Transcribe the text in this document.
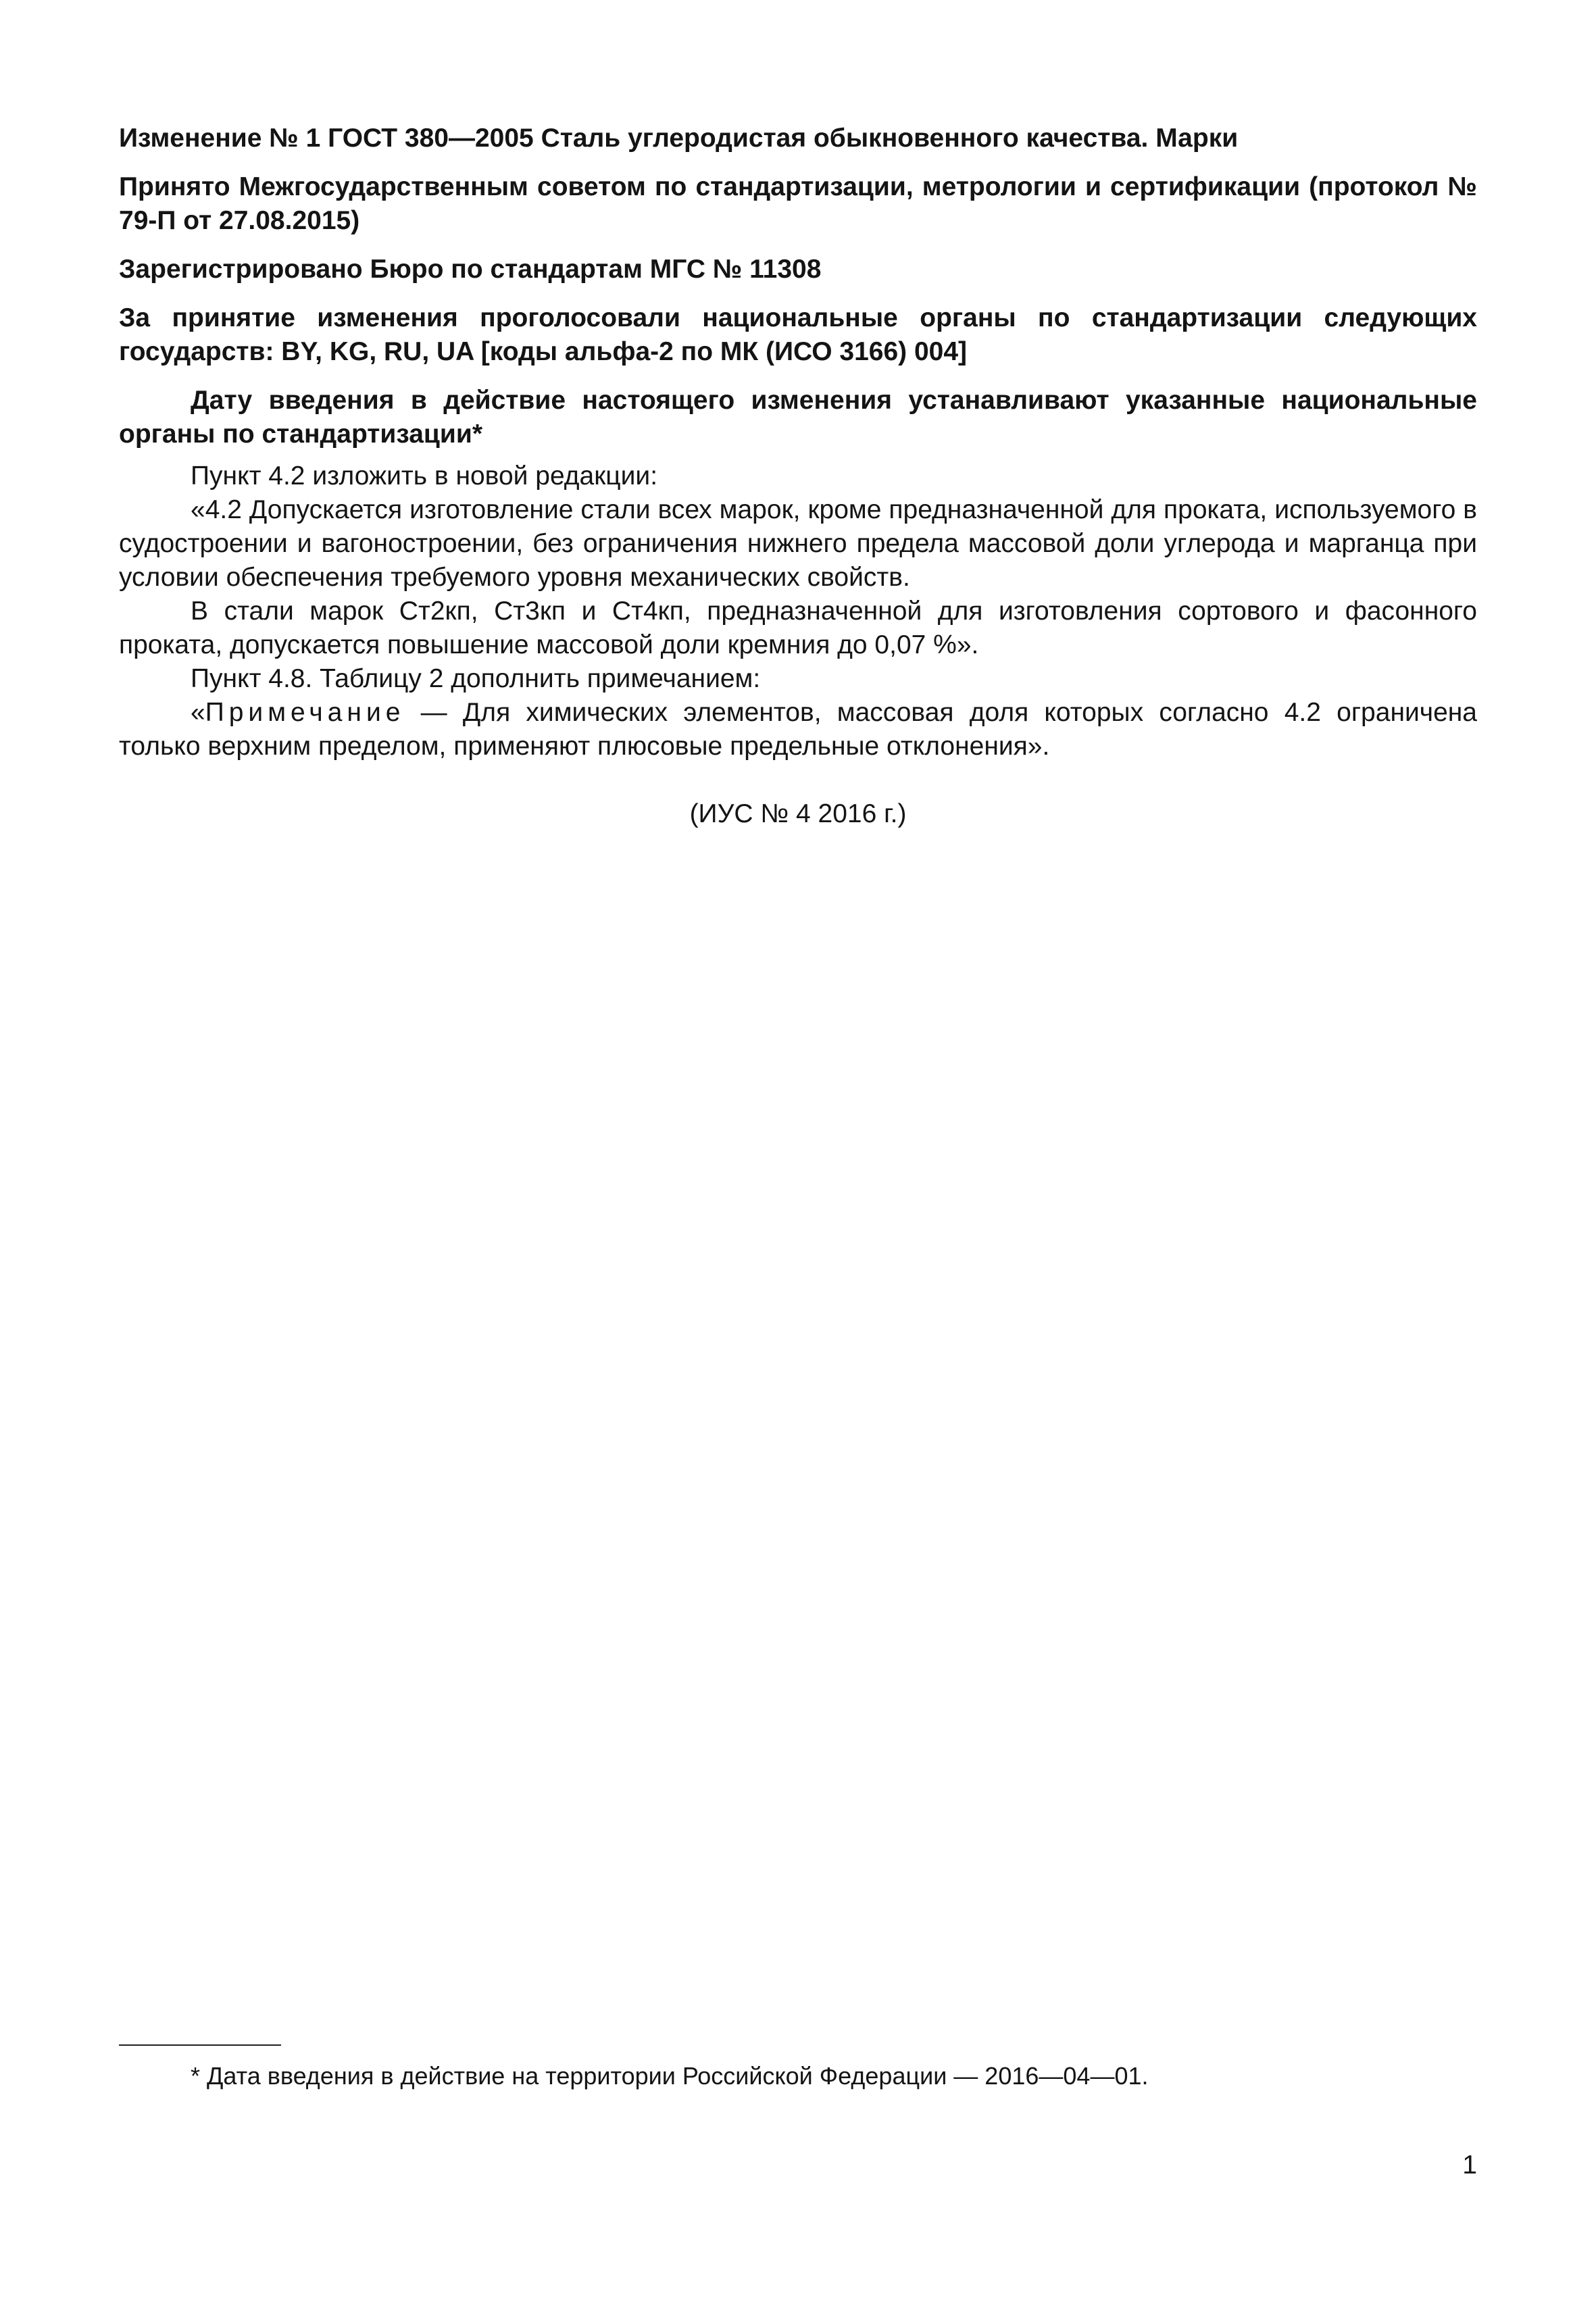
Изменение № 1 ГОСТ 380—2005 Сталь углеродистая обыкновенного качества. Марки

Принято Межгосударственным советом по стандартизации, метрологии и сертификации (протокол № 79-П от 27.08.2015)

Зарегистрировано Бюро по стандартам МГС № 11308

За принятие изменения проголосовали национальные органы по стандартизации следующих государств: BY, KG, RU, UA [коды альфа-2 по МК (ИСО 3166) 004]

Дату введения в действие настоящего изменения устанавливают указанные национальные органы по стандартизации*

Пункт 4.2 изложить в новой редакции:

«4.2 Допускается изготовление стали всех марок, кроме предназначенной для проката, используемого в судостроении и вагоностроении, без ограничения нижнего предела массовой доли углерода и марганца при условии обеспечения требуемого уровня механических свойств.

В стали марок Ст2кп, Ст3кп и Ст4кп, предназначенной для изготовления сортового и фасонного проката, допускается повышение массовой доли кремния до 0,07 %».

Пункт 4.8. Таблицу 2 дополнить примечанием:

«Примечание — Для химических элементов, массовая доля которых согласно 4.2 ограничена только верхним пределом, применяют плюсовые предельные отклонения».

(ИУС № 4 2016 г.)
* Дата введения в действие на территории Российской Федерации — 2016—04—01.
1
